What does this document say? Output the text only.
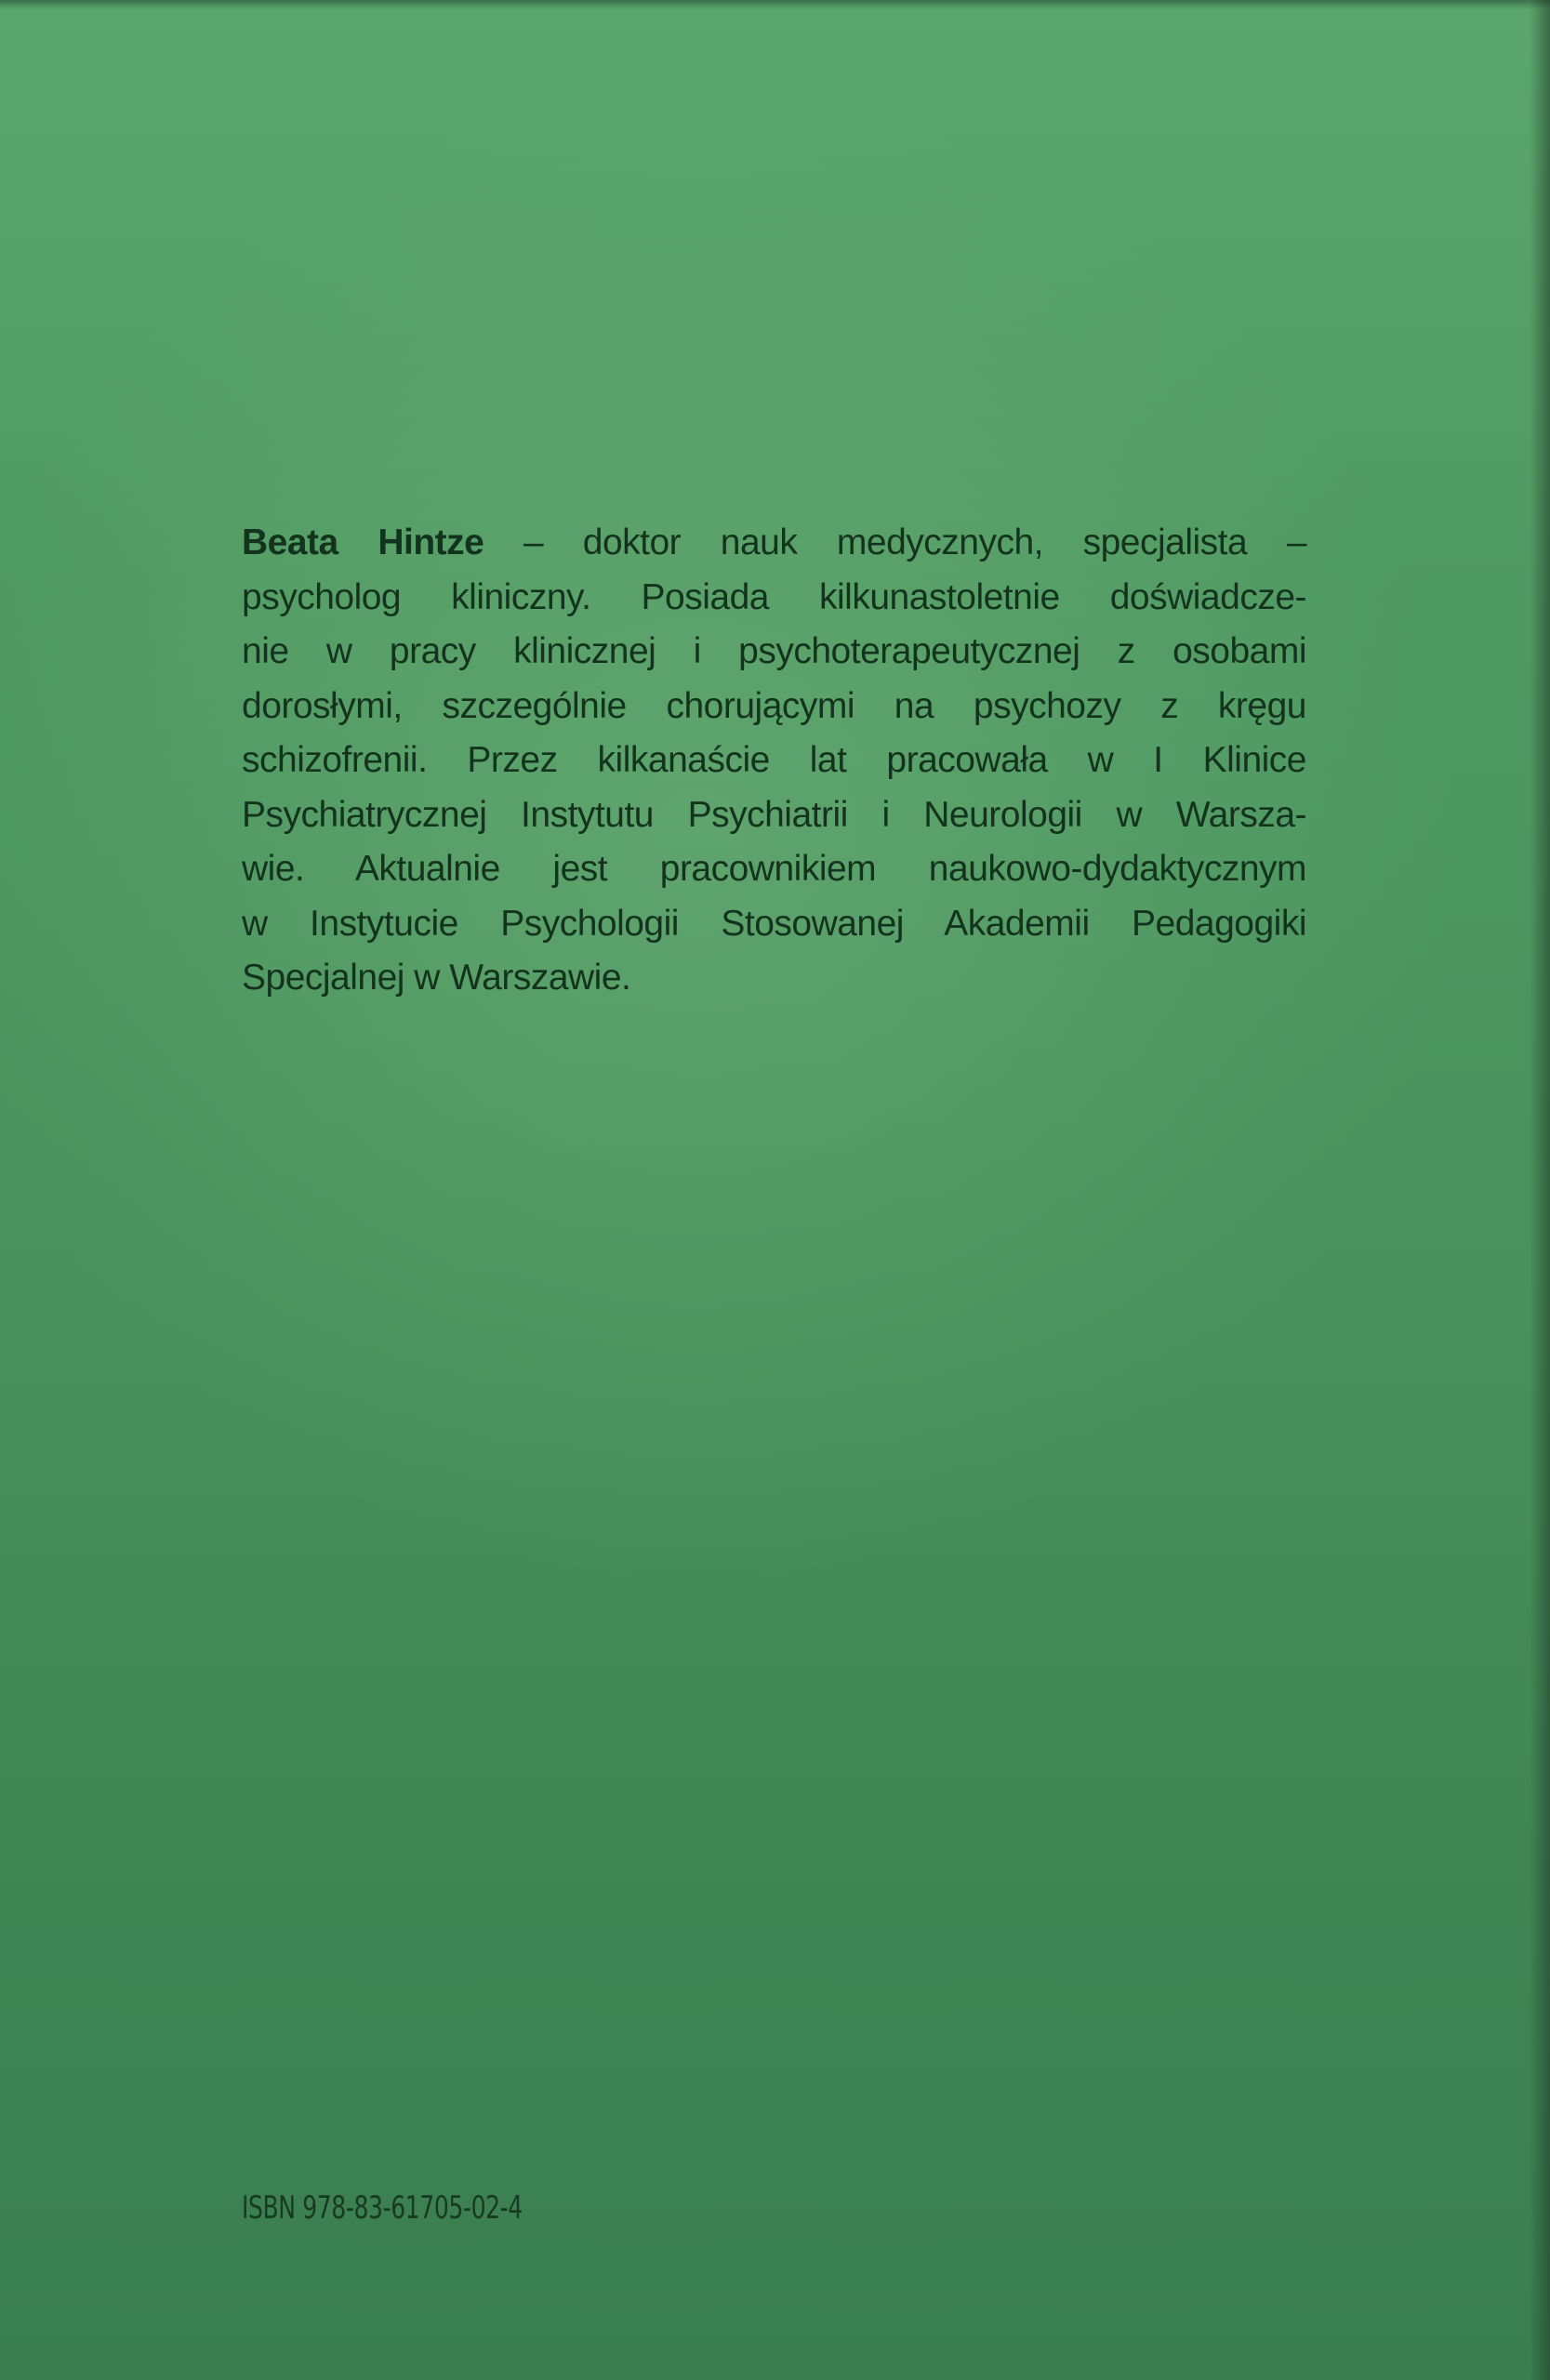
Beata Hintze – doktor nauk medycznych, specjalista –
psycholog kliniczny. Posiada kilkunastoletnie doświadcze-
nie w pracy klinicznej i psychoterapeutycznej z osobami
dorosłymi, szczególnie chorującymi na psychozy z kręgu
schizofrenii. Przez kilkanaście lat pracowała w I Klinice
Psychiatrycznej Instytutu Psychiatrii i Neurologii w Warsza-
wie. Aktualnie jest pracownikiem naukowo-dydaktycznym
w Instytucie Psychologii Stosowanej Akademii Pedagogiki
Specjalnej w Warszawie.
ISBN 978-83-61705-02-4
